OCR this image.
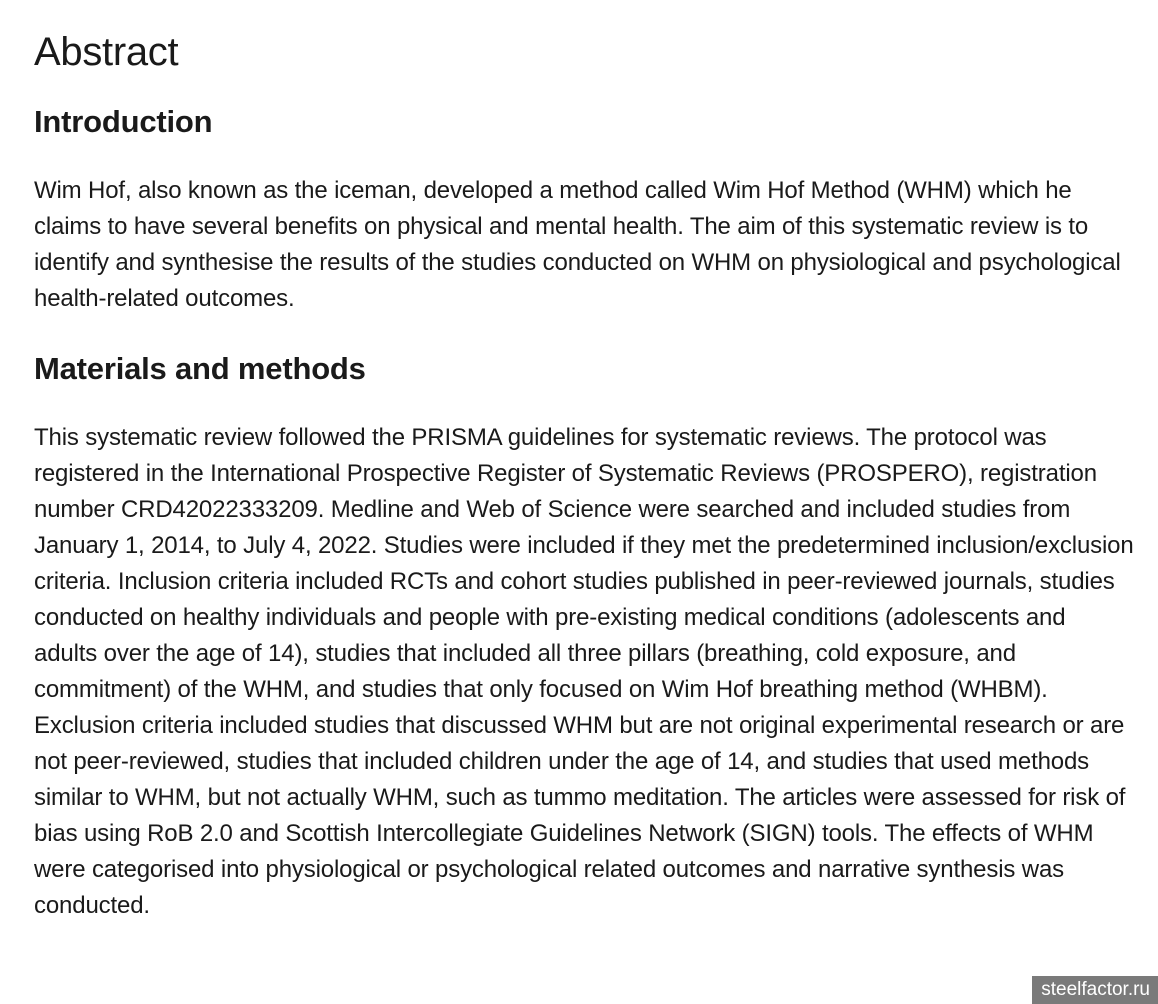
Abstract
Introduction

Wim Hof, also known as the iceman, developed a method called Wim Hof Method (WHM) which he claims to have several benefits on physical and mental health. The aim of this systematic review is to identify and synthesise the results of the studies conducted on WHM on physiological and psychological health-related outcomes.

Materials and methods

This systematic review followed the PRISMA guidelines for systematic reviews. The protocol was registered in the International Prospective Register of Systematic Reviews (PROSPERO), registration number CRD42022333209. Medline and Web of Science were searched and included studies from January 1, 2014, to July 4, 2022. Studies were included if they met the predetermined inclusion/exclusion criteria. Inclusion criteria included RCTs and cohort studies published in peer-reviewed journals, studies conducted on healthy individuals and people with pre-existing medical conditions (adolescents and adults over the age of 14), studies that included all three pillars (breathing, cold exposure, and commitment) of the WHM, and studies that only focused on Wim Hof breathing method (WHBM). Exclusion criteria included studies that discussed WHM but are not original experimental research or are not peer-reviewed, studies that included children under the age of 14, and studies that used methods similar to WHM, but not actually WHM, such as tummo meditation. The articles were assessed for risk of bias using RoB 2.0 and Scottish Intercollegiate Guidelines Network (SIGN) tools. The effects of WHM were categorised into physiological or psychological related outcomes and narrative synthesis was conducted.

steelfactor.ru
